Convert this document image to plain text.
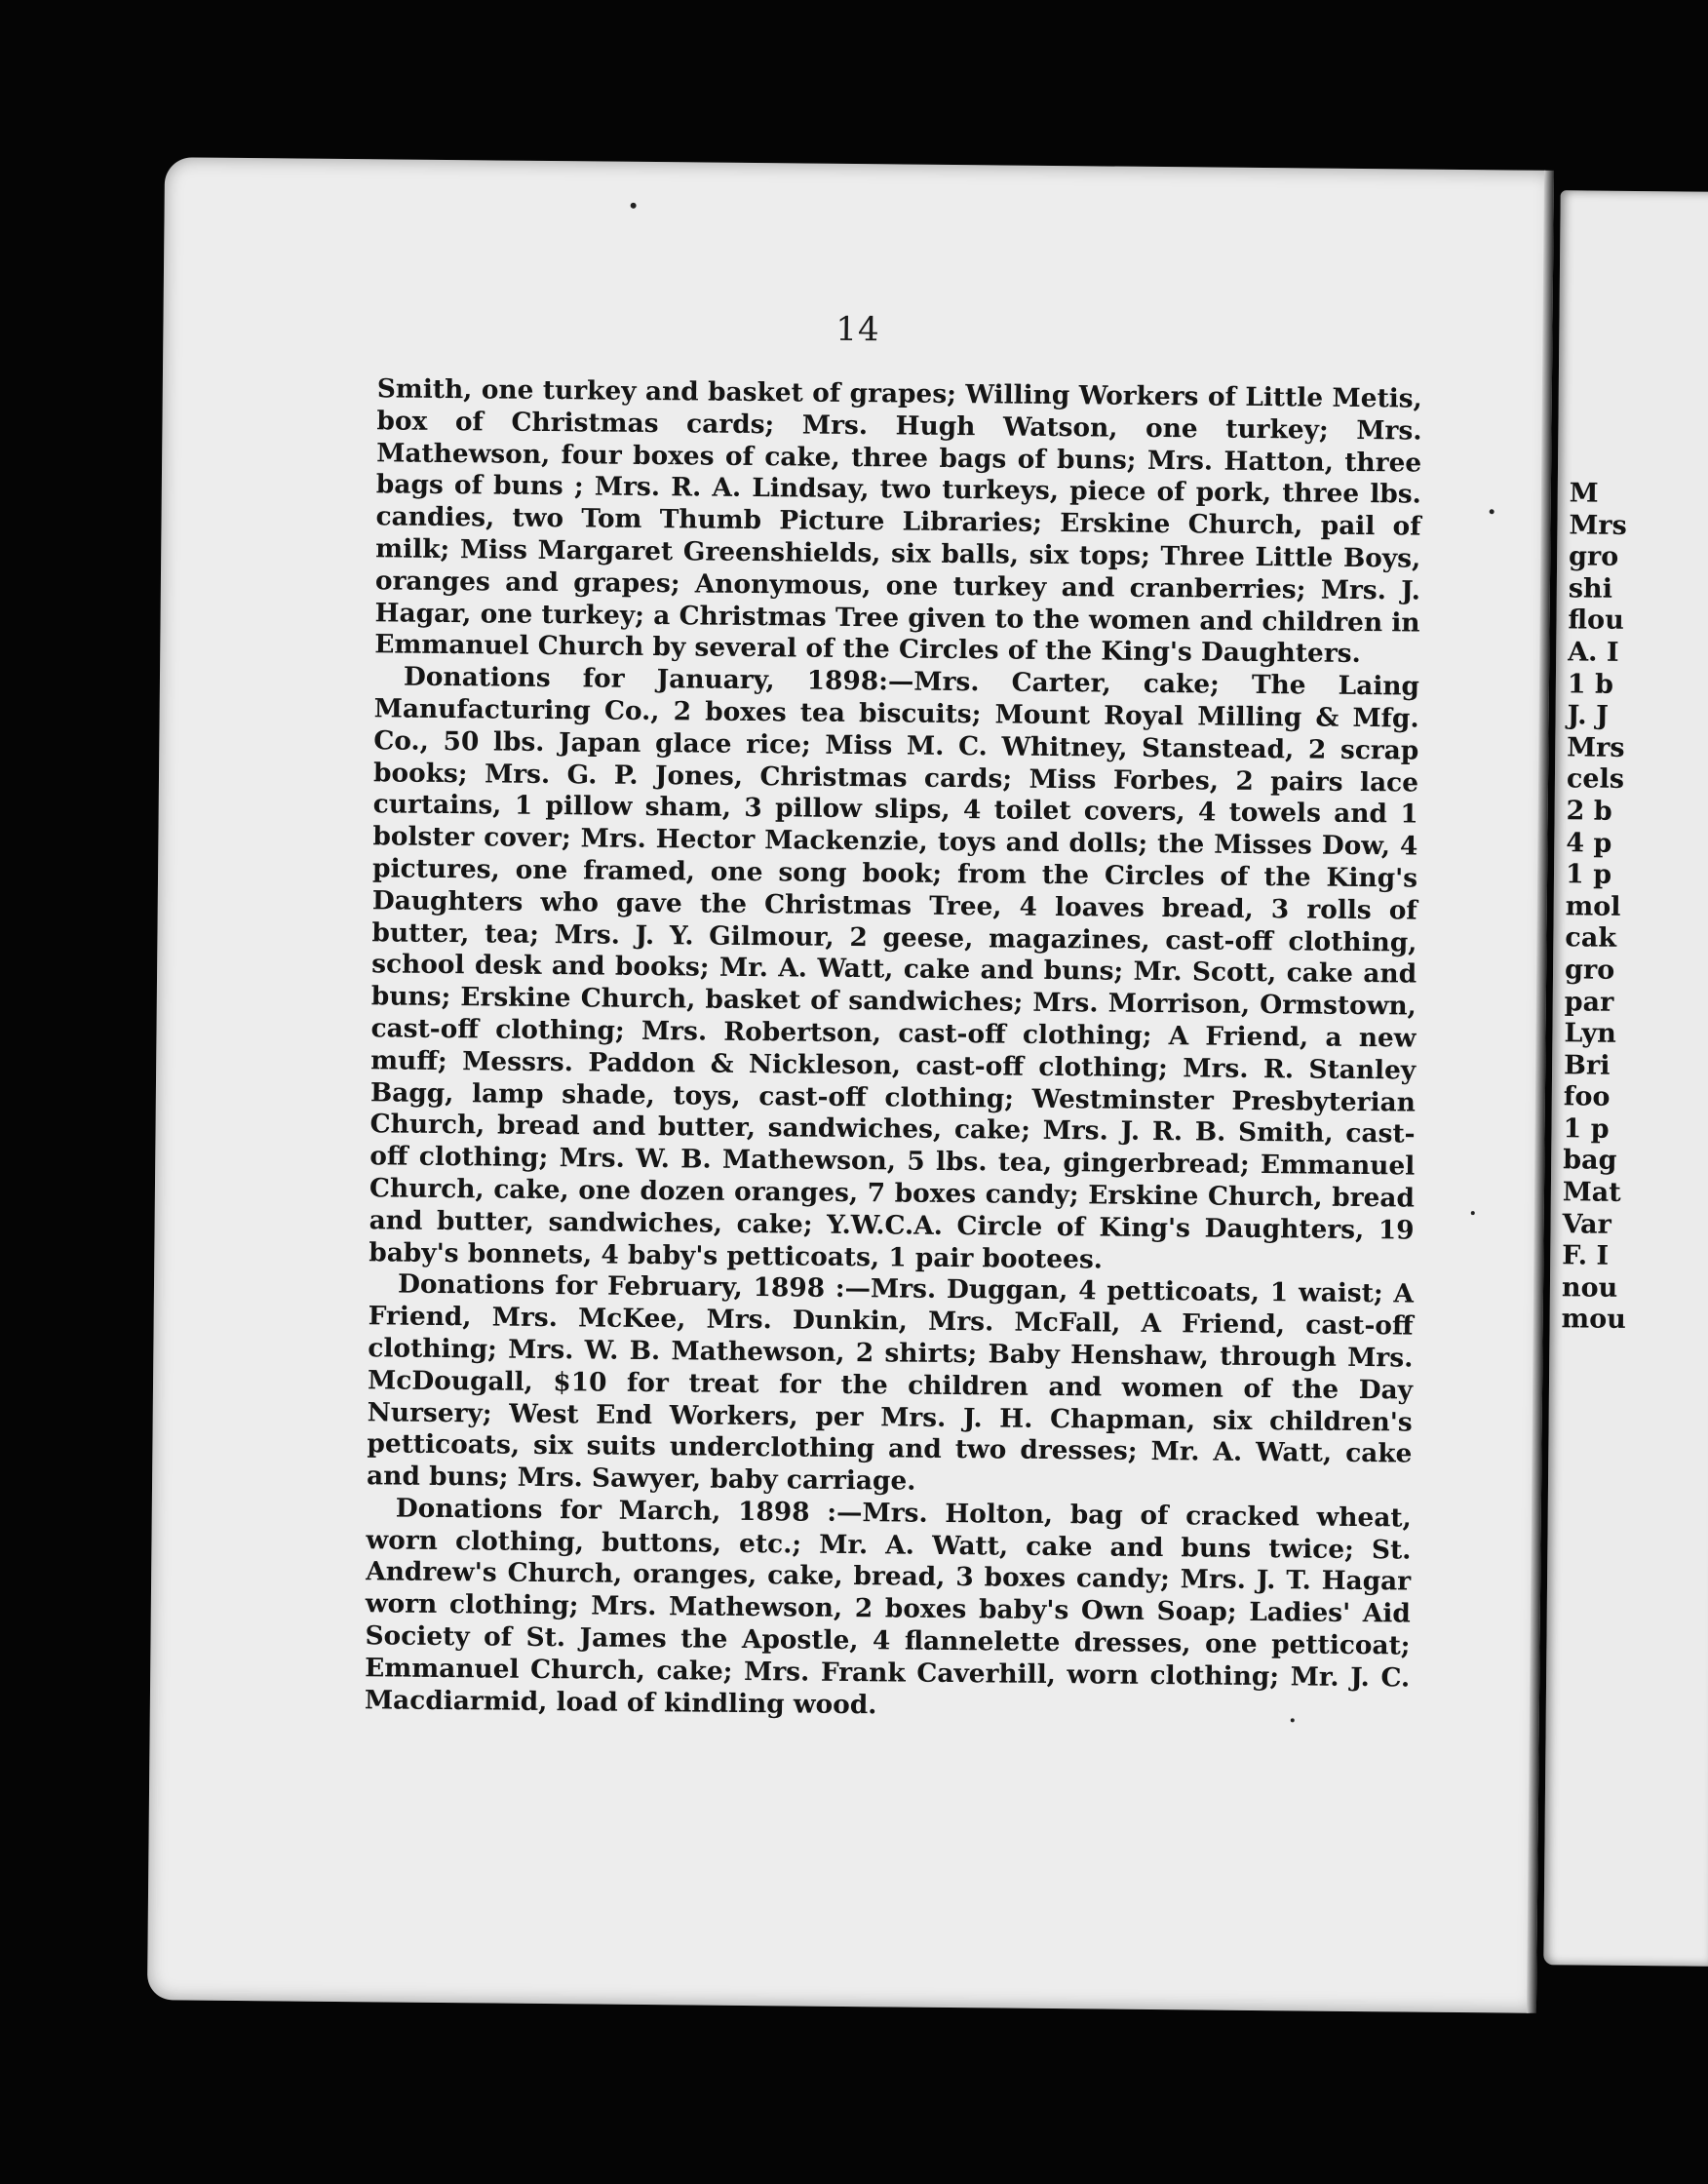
14

Smith, one turkey and basket of grapes; Willing Workers of Little Metis, box of Christmas cards; Mrs. Hugh Watson, one turkey; Mrs. Mathewson, four boxes of cake, three bags of buns; Mrs. Hatton, three bags of buns ; Mrs. R. A. Lindsay, two turkeys, piece of pork, three lbs. candies, two Tom Thumb Picture Libraries; Erskine Church, pail of milk; Miss Margaret Greenshields, six balls, six tops; Three Little Boys, oranges and grapes; Anonymous, one turkey and cranberries; Mrs. J. Hagar, one turkey; a Christmas Tree given to the women and children in Emmanuel Church by several of the Circles of the King's Daughters.

Donations for January, 1898:—Mrs. Carter, cake; The Laing Manufacturing Co., 2 boxes tea biscuits; Mount Royal Milling & Mfg. Co., 50 lbs. Japan glace rice; Miss M. C. Whitney, Stanstead, 2 scrap books; Mrs. G. P. Jones, Christmas cards; Miss Forbes, 2 pairs lace curtains, 1 pillow sham, 3 pillow slips, 4 toilet covers, 4 towels and 1 bolster cover; Mrs. Hector Mackenzie, toys and dolls; the Misses Dow, 4 pictures, one framed, one song book; from the Circles of the King's Daughters who gave the Christmas Tree, 4 loaves bread, 3 rolls of butter, tea; Mrs. J. Y. Gilmour, 2 geese, magazines, cast-off clothing, school desk and books; Mr. A. Watt, cake and buns; Mr. Scott, cake and buns; Erskine Church, basket of sandwiches; Mrs. Morrison, Ormstown, cast-off clothing; Mrs. Robertson, cast-off clothing; A Friend, a new muff; Messrs. Paddon & Nickleson, cast-off clothing; Mrs. R. Stanley Bagg, lamp shade, toys, cast-off clothing; Westminster Presbyterian Church, bread and butter, sandwiches, cake; Mrs. J. R. B. Smith, cast-off clothing; Mrs. W. B. Mathewson, 5 lbs. tea, gingerbread; Emmanuel Church, cake, one dozen oranges, 7 boxes candy; Erskine Church, bread and butter, sandwiches, cake; Y.W.C.A. Circle of King's Daughters, 19 baby's bonnets, 4 baby's petticoats, 1 pair bootees.

Donations for February, 1898 :—Mrs. Duggan, 4 petticoats, 1 waist; A Friend, Mrs. McKee, Mrs. Dunkin, Mrs. McFall, A Friend, cast-off clothing; Mrs. W. B. Mathewson, 2 shirts; Baby Henshaw, through Mrs. McDougall, $10 for treat for the children and women of the Day Nursery; West End Workers, per Mrs. J. H. Chapman, six children's petticoats, six suits underclothing and two dresses; Mr. A. Watt, cake and buns; Mrs. Sawyer, baby carriage.

Donations for March, 1898 :—Mrs. Holton, bag of cracked wheat, worn clothing, buttons, etc.; Mr. A. Watt, cake and buns twice; St. Andrew's Church, oranges, cake, bread, 3 boxes candy; Mrs. J. T. Hagar worn clothing; Mrs. Mathewson, 2 boxes baby's Own Soap; Ladies' Aid Society of St. James the Apostle, 4 flannelette dresses, one petticoat; Emmanuel Church, cake; Mrs. Frank Caverhill, worn clothing; Mr. J. C. Macdiarmid, load of kindling wood.

M
Mrs
gro
shi
flou
A. I
1 b
J. J
Mrs
cels
2 b
4 p
1 p
mol
cak
gro
par
Lyn
Bri
foo
1 p
bag
Mat
Var
F. I
nou
mou
